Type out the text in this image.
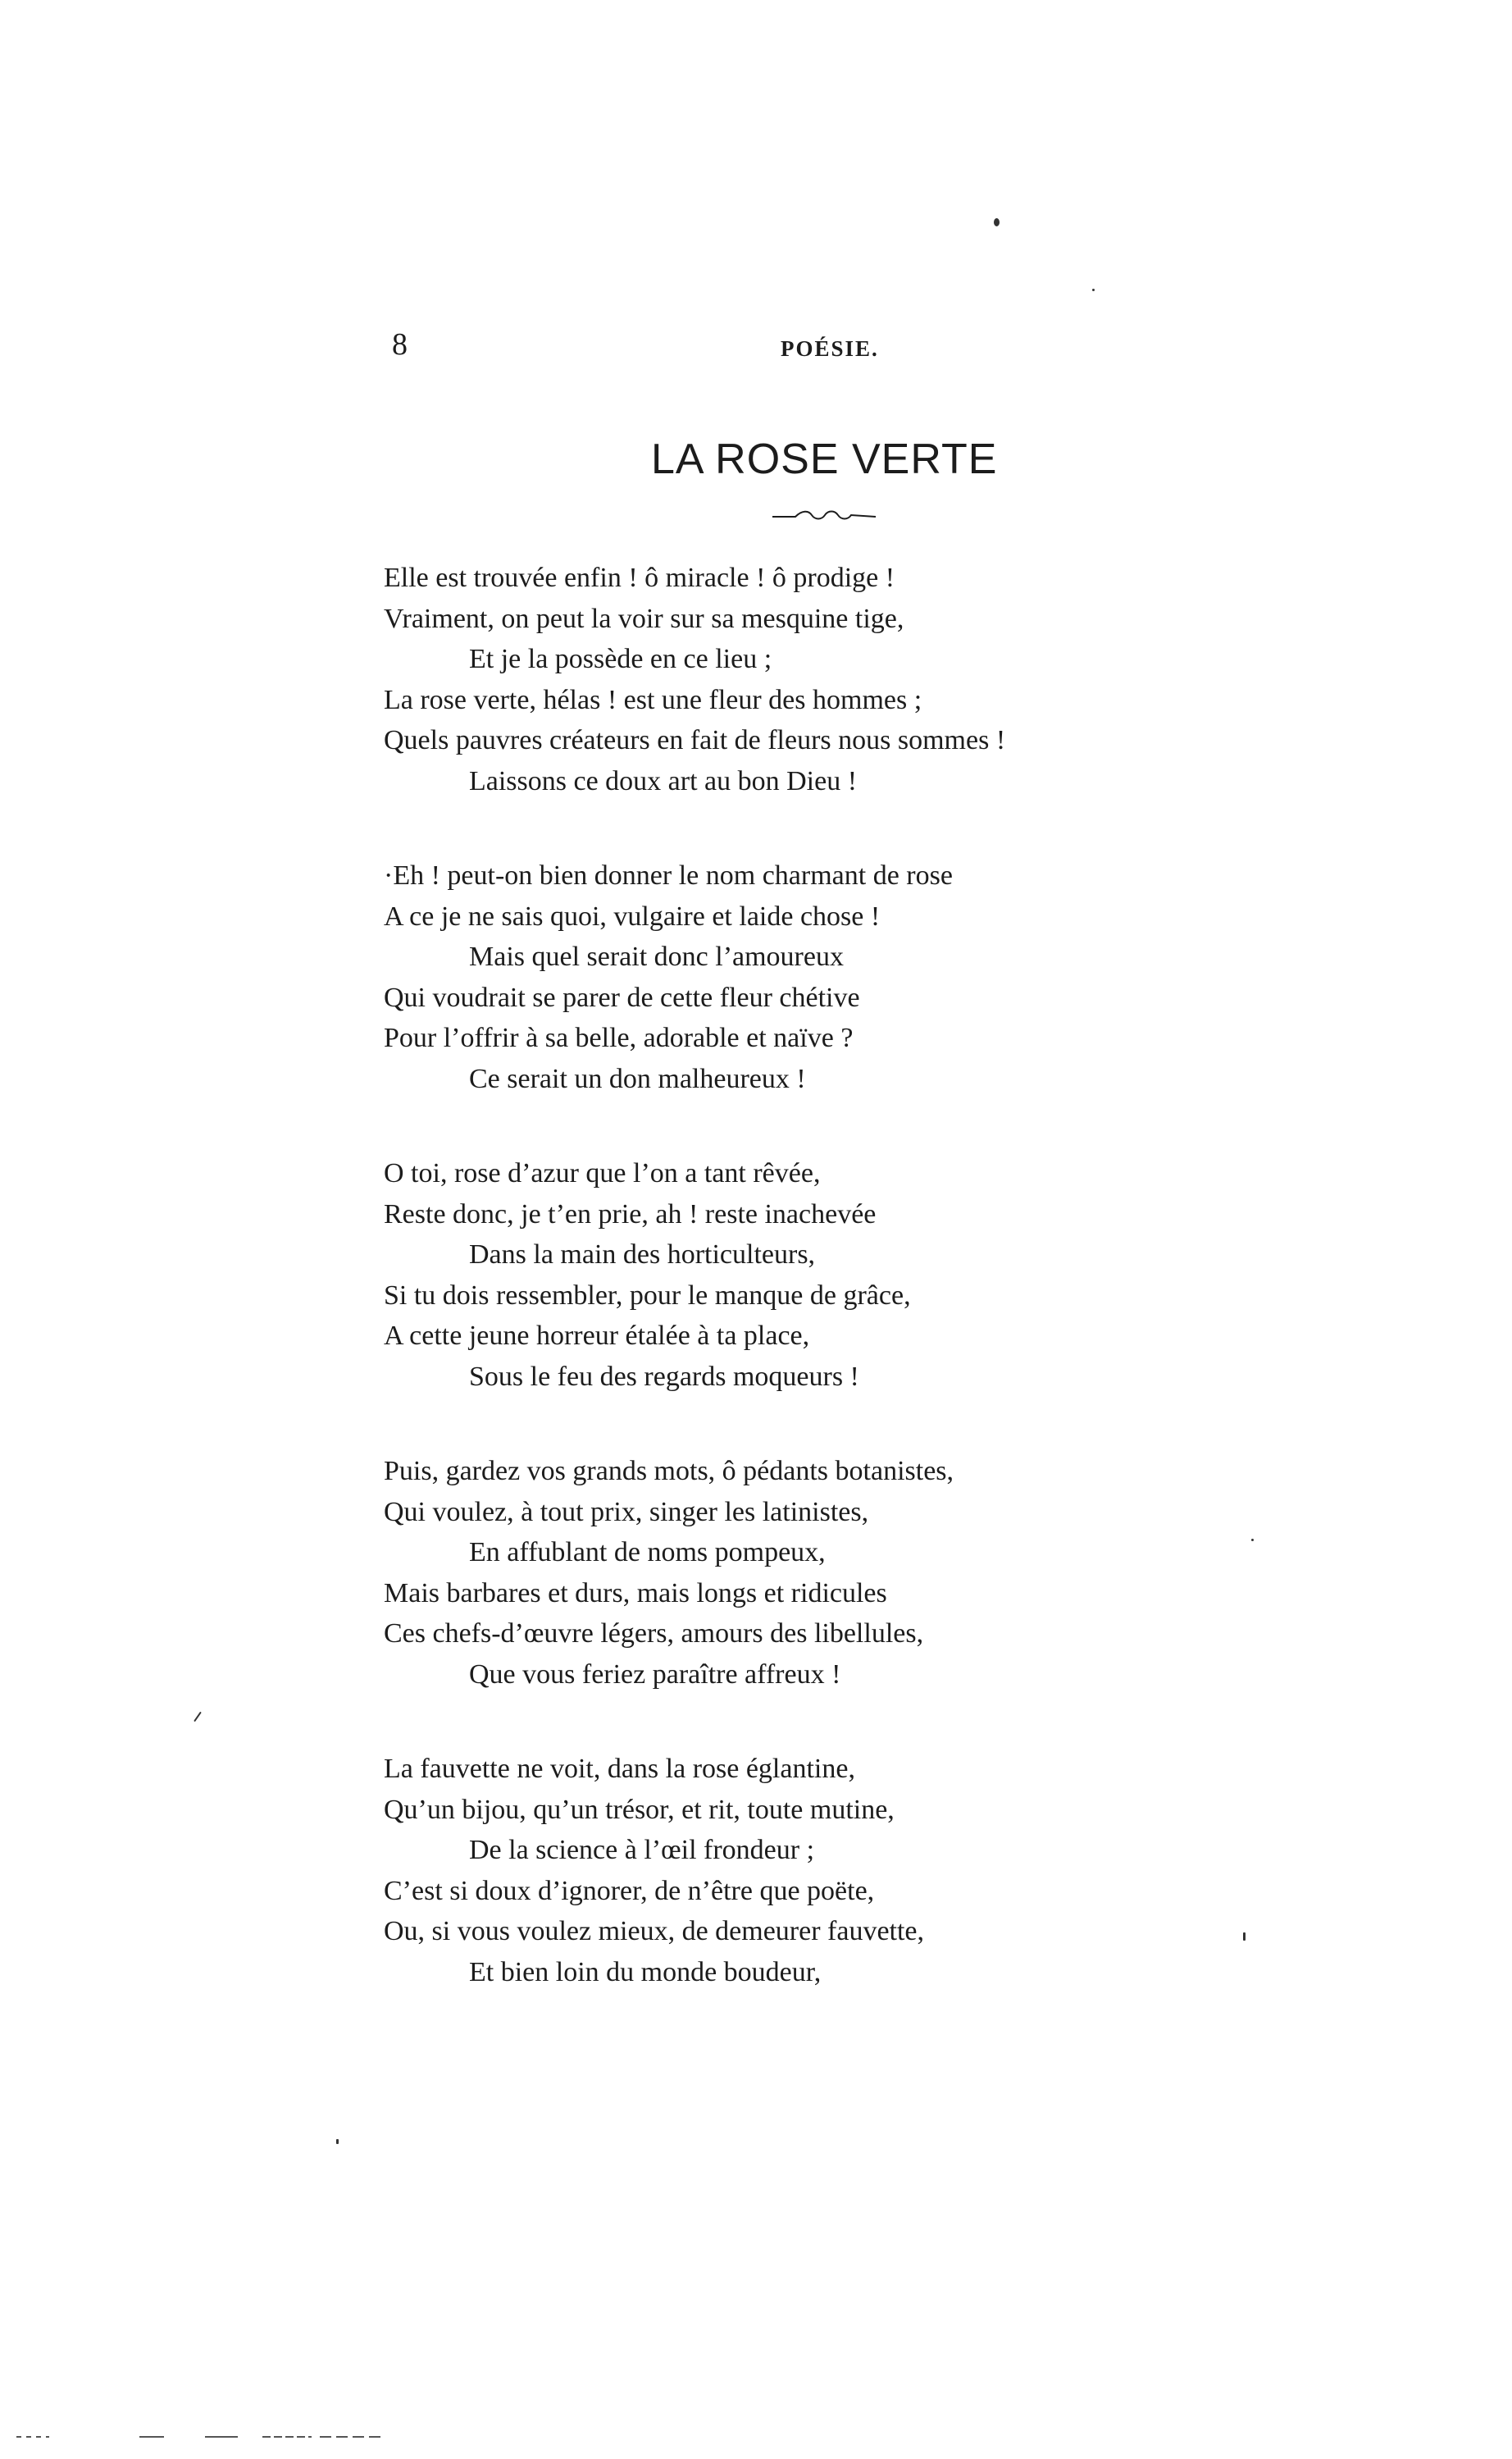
8	POÉSIE.
LA ROSE VERTE
Elle est trouvée enfin ! ô miracle ! ô prodige !
Vraiment, on peut la voir sur sa mesquine tige,
Et je la possède en ce lieu ;
La rose verte, hélas ! est une fleur des hommes ;
Quels pauvres créateurs en fait de fleurs nous sommes !
Laissons ce doux art au bon Dieu !
·Eh ! peut-on bien donner le nom charmant de rose
A ce je ne sais quoi, vulgaire et laide chose !
Mais quel serait donc l’amoureux
Qui voudrait se parer de cette fleur chétive
Pour l’offrir à sa belle, adorable et naïve ?
Ce serait un don malheureux !
O toi, rose d’azur que l’on a tant rêvée,
Reste donc, je t’en prie, ah ! reste inachevée
Dans la main des horticulteurs,
Si tu dois ressembler, pour le manque de grâce,
A cette jeune horreur étalée à ta place,
Sous le feu des regards moqueurs !
Puis, gardez vos grands mots, ô pédants botanistes,
Qui voulez, à tout prix, singer les latinistes,
En affublant de noms pompeux,
Mais barbares et durs, mais longs et ridicules
Ces chefs-d’œuvre légers, amours des libellules,
Que vous feriez paraître affreux !
La fauvette ne voit, dans la rose églantine,
Qu’un bijou, qu’un trésor, et rit, toute mutine,
De la science à l’œil frondeur ;
C’est si doux d’ignorer, de n’être que poëte,
Ou, si vous voulez mieux, de demeurer fauvette,
Et bien loin du monde boudeur,
